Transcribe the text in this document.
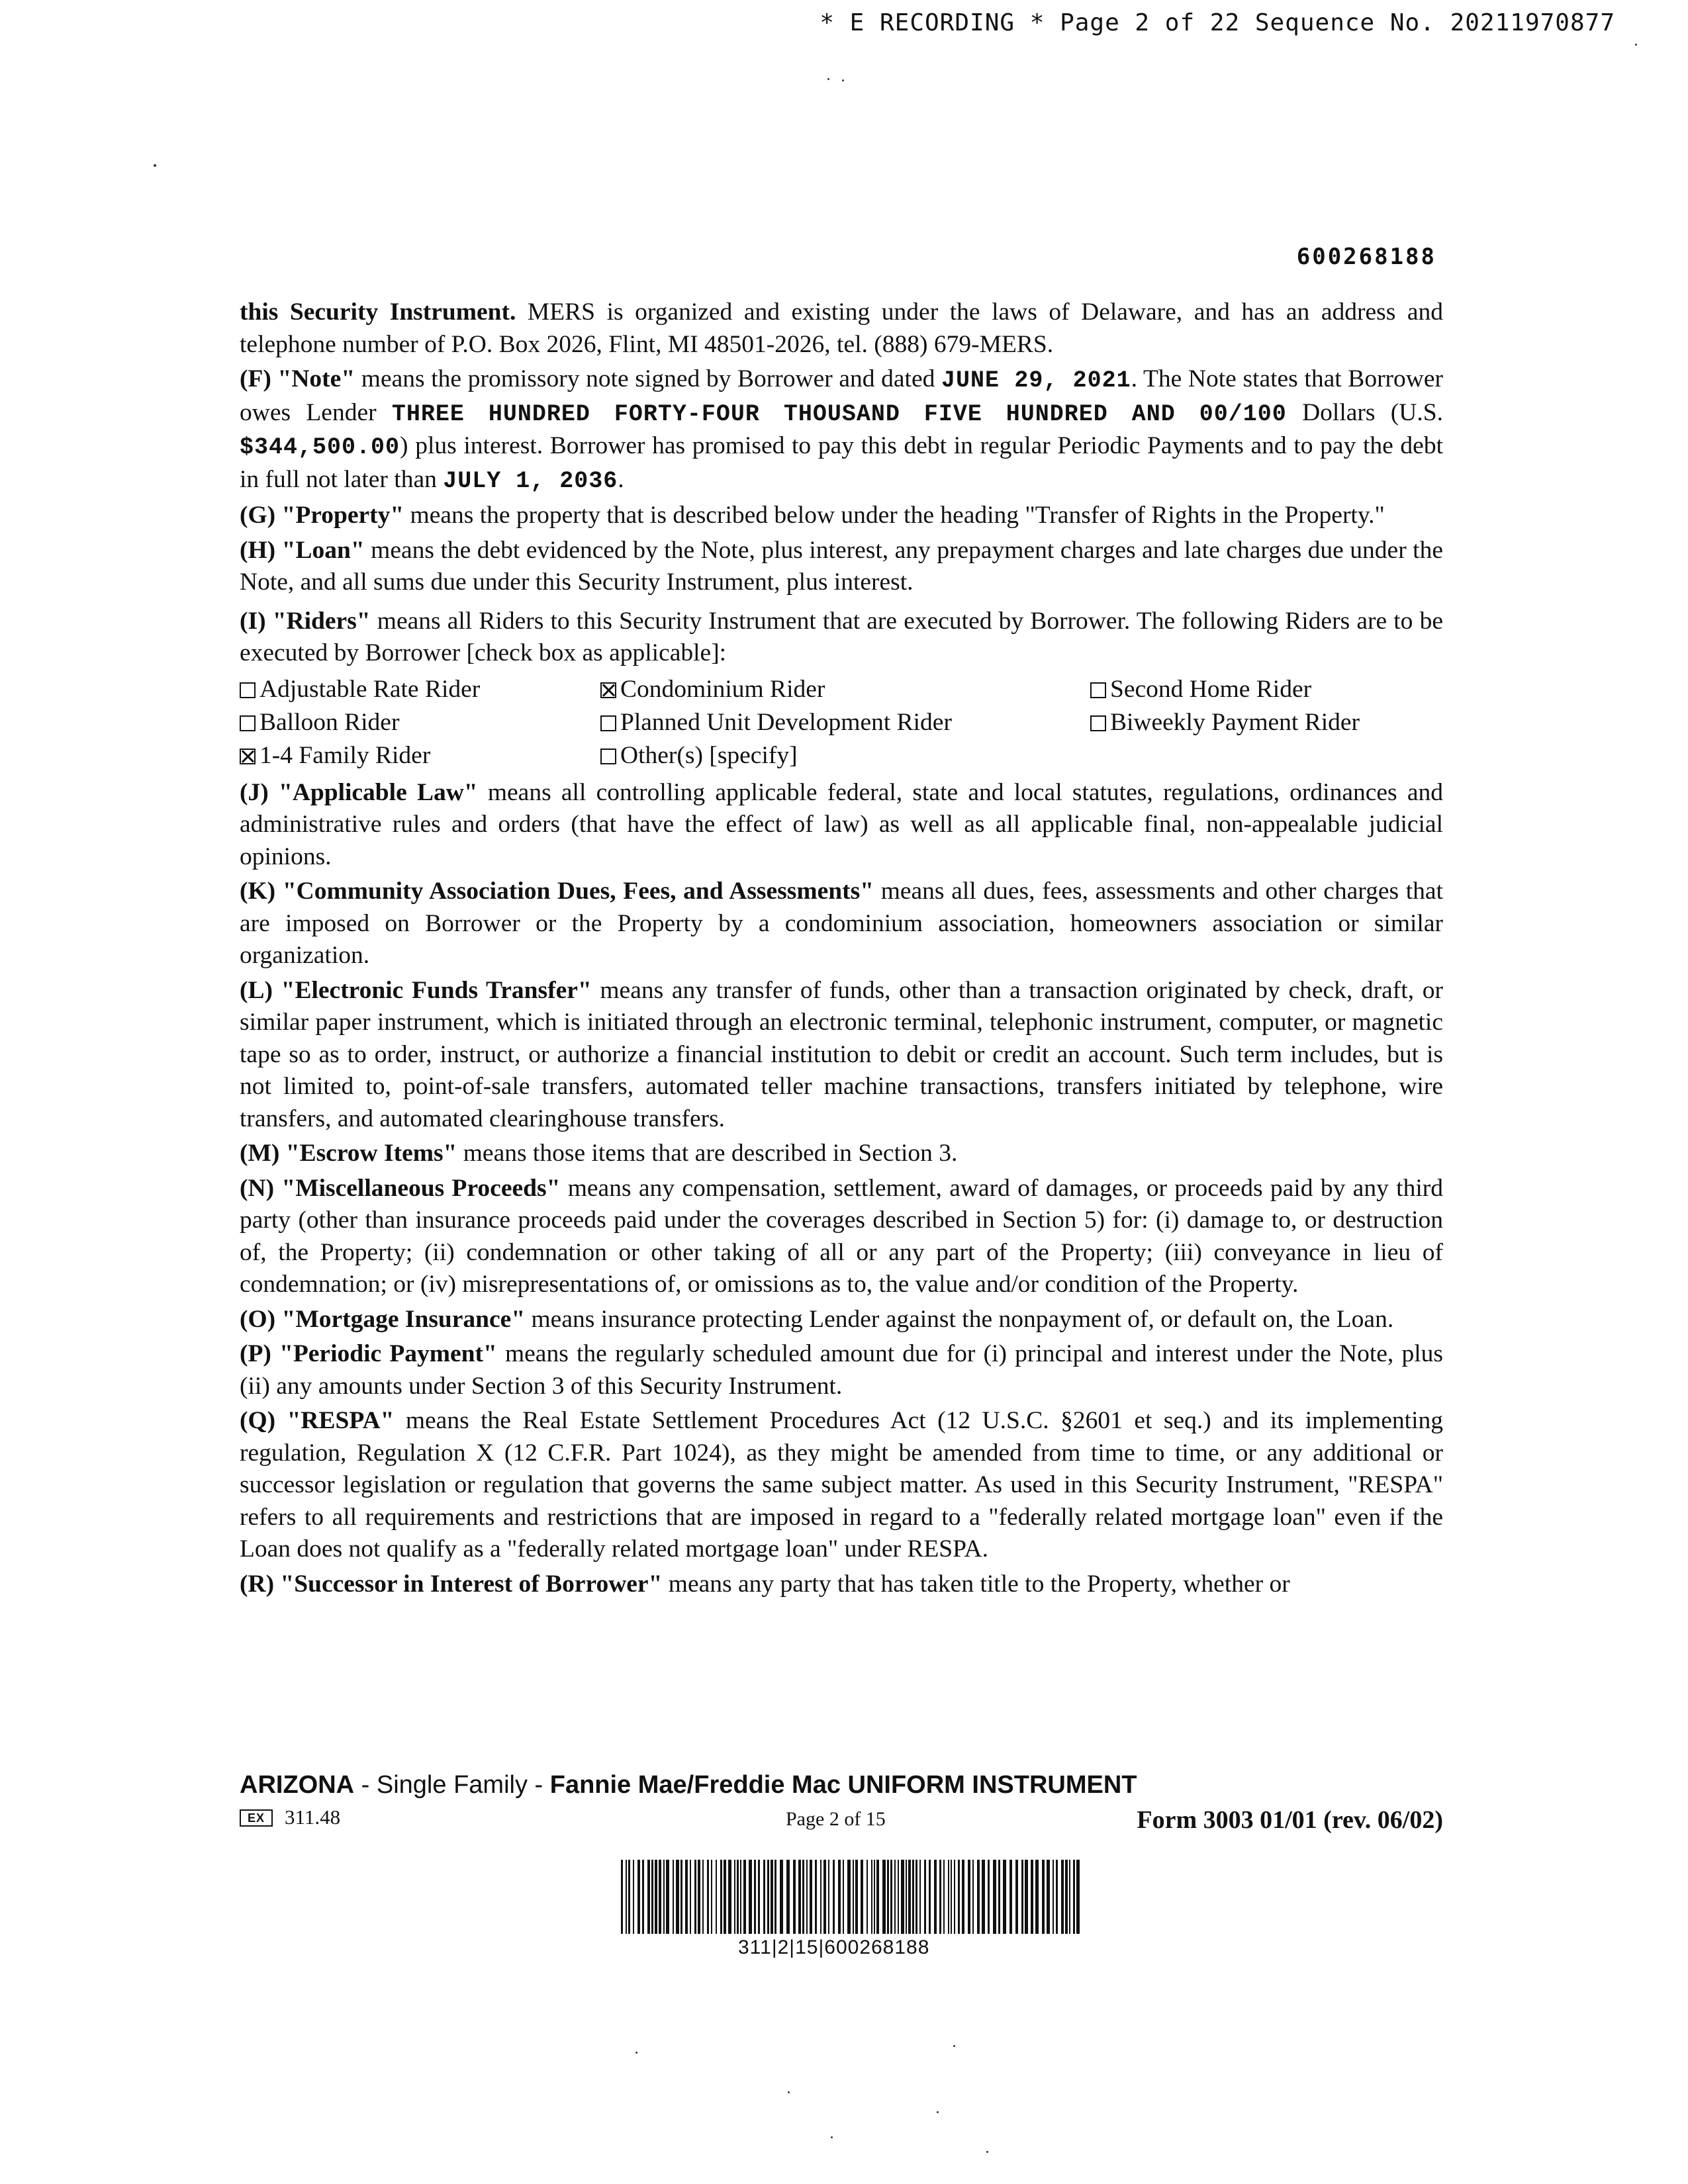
* E RECORDING * Page 2 of 22 Sequence No. 20211970877
600268188

this Security Instrument. MERS is organized and existing under the laws of Delaware, and has an address and telephone number of P.O. Box 2026, Flint, MI 48501-2026, tel. (888) 679-MERS.

(F) "Note" means the promissory note signed by Borrower and dated JUNE 29, 2021. The Note states that Borrower owes Lender THREE HUNDRED FORTY-FOUR THOUSAND FIVE HUNDRED AND 00/100 Dollars (U.S. $344,500.00) plus interest. Borrower has promised to pay this debt in regular Periodic Payments and to pay the debt in full not later than JULY 1, 2036.

(G) "Property" means the property that is described below under the heading "Transfer of Rights in the Property."

(H) "Loan" means the debt evidenced by the Note, plus interest, any prepayment charges and late charges due under the Note, and all sums due under this Security Instrument, plus interest.

(I) "Riders" means all Riders to this Security Instrument that are executed by Borrower. The following Riders are to be executed by Borrower [check box as applicable]:

Adjustable Rate Rider	Condominium Rider	Second Home Rider
Balloon Rider	Planned Unit Development Rider	Biweekly Payment Rider
1-4 Family Rider	Other(s) [specify]

(J) "Applicable Law" means all controlling applicable federal, state and local statutes, regulations, ordinances and administrative rules and orders (that have the effect of law) as well as all applicable final, non-appealable judicial opinions.

(K) "Community Association Dues, Fees, and Assessments" means all dues, fees, assessments and other charges that are imposed on Borrower or the Property by a condominium association, homeowners association or similar organization.

(L) "Electronic Funds Transfer" means any transfer of funds, other than a transaction originated by check, draft, or similar paper instrument, which is initiated through an electronic terminal, telephonic instrument, computer, or magnetic tape so as to order, instruct, or authorize a financial institution to debit or credit an account. Such term includes, but is not limited to, point-of-sale transfers, automated teller machine transactions, transfers initiated by telephone, wire transfers, and automated clearinghouse transfers.

(M) "Escrow Items" means those items that are described in Section 3.

(N) "Miscellaneous Proceeds" means any compensation, settlement, award of damages, or proceeds paid by any third party (other than insurance proceeds paid under the coverages described in Section 5) for: (i) damage to, or destruction of, the Property; (ii) condemnation or other taking of all or any part of the Property; (iii) conveyance in lieu of condemnation; or (iv) misrepresentations of, or omissions as to, the value and/or condition of the Property.

(O) "Mortgage Insurance" means insurance protecting Lender against the nonpayment of, or default on, the Loan.

(P) "Periodic Payment" means the regularly scheduled amount due for (i) principal and interest under the Note, plus (ii) any amounts under Section 3 of this Security Instrument.

(Q) "RESPA" means the Real Estate Settlement Procedures Act (12 U.S.C. §2601 et seq.) and its implementing regulation, Regulation X (12 C.F.R. Part 1024), as they might be amended from time to time, or any additional or successor legislation or regulation that governs the same subject matter. As used in this Security Instrument, "RESPA" refers to all requirements and restrictions that are imposed in regard to a "federally related mortgage loan" even if the Loan does not qualify as a "federally related mortgage loan" under RESPA.

(R) "Successor in Interest of Borrower" means any party that has taken title to the Property, whether or

ARIZONA - Single Family - Fannie Mae/Freddie Mac UNIFORM INSTRUMENT
EX 311.48	Page 2 of 15	Form 3003 01/01 (rev. 06/02)
311|2|15|600268188
